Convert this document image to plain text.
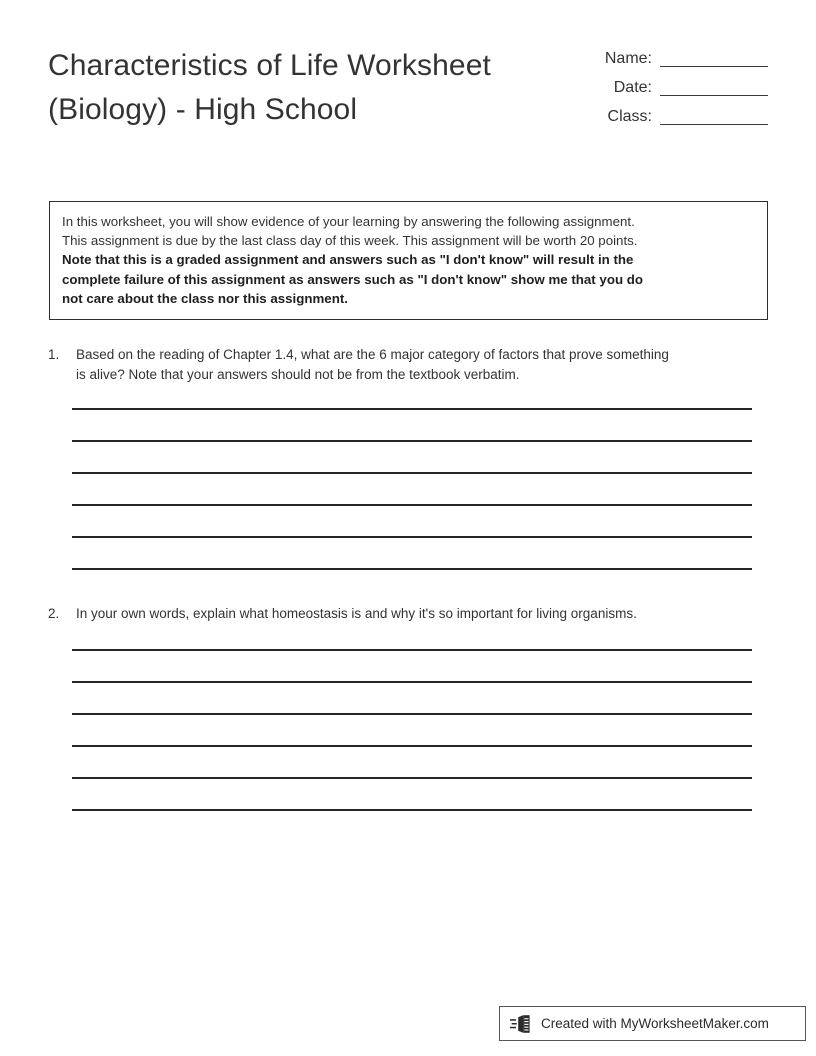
Characteristics of Life Worksheet
(Biology) - High School
Name:
Date:
Class:

In this worksheet, you will show evidence of your learning by answering the following assignment.

This assignment is due by the last class day of this week. This assignment will be worth 20 points.

Note that this is a graded assignment and answers such as "I don't know" will result in the

complete failure of this assignment as answers such as "I don't know" show me that you do

not care about the class nor this assignment.

1.	Based on the reading of Chapter 1.4, what are the 6 major category of factors that prove something
is alive? Note that your answers should not be from the textbook verbatim.
2.	In your own words, explain what homeostasis is and why it's so important for living organisms.
Created with MyWorksheetMaker.com
